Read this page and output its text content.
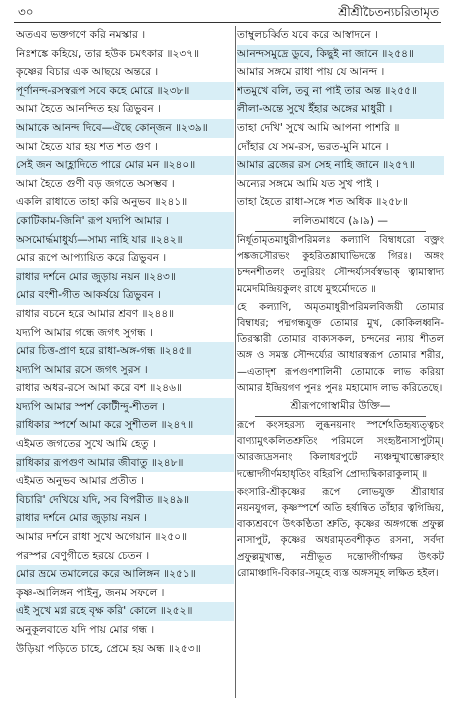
৩০	শ্রীশ্রীচৈতন্যচরিতামৃত
অতএব ভক্তগণে করি নমস্কার ।
নিঃশঙ্কে কহিয়ে, তার হউক চমৎকার ॥২৩৭॥
কৃষ্ণের বিচার এক আছয়ে অন্তরে ।
পূর্ণানন্দ-রসস্বরূপ সবে কহে মোরে ॥২৩৮॥
আমা হৈতে আনন্দিত হয় ত্রিভুবন ।
আমাকে আনন্দ দিবে—ঐছে কোন্‌জন ॥২৩৯॥
আমা হৈতে যার হয় শত শত গুণ ।
সেই জন আহ্লাদিতে পারে মোর মন ॥২৪০॥
আমা হৈতে গুণী বড় জগতে অসম্ভব ।
একলি রাধাতে তাহা করি অনুভব ॥২৪১॥
কোটিকাম-জিনি' রূপ যদ্যপি আমার ।
অসমোর্দ্ধমাধুর্য্য—সাম্য নাহি যার ॥২৪২॥
মোর রূপে আপ্যায়িত করে ত্রিভুবন ।
রাধার দর্শনে মোর জুড়ায় নয়ন ॥২৪৩॥
মোর বংশী-গীত আকর্ষয়ে ত্রিভুবন ।
রাধার বচনে হরে আমার শ্রবণ ॥২৪৪॥
যদ্যপি আমার গন্ধে জগৎ সুগন্ধ ।
মোর চিত্ত-প্রাণ হরে রাধা-অঙ্গ-গন্ধ ॥২৪৫॥
যদ্যপি আমার রসে জগৎ সুরস ।
রাধার অধর-রসে আমা করে বশ ॥২৪৬॥
যদ্যপি আমার স্পর্শ কোটীন্দু-শীতল ।
রাধিকার স্পর্শে আমা করে সুশীতল ॥২৪৭॥
এইমত জগতের সুখে আমি হেতু ।
রাধিকার রূপগুণ আমার জীবাতু ॥২৪৮॥
এইমত অনুভব আমার প্রতীত ।
বিচারি' দেখিয়ে যদি, সব বিপরীত ॥২৪৯॥
রাধার দর্শনে মোর জুড়ায় নয়ন ।
আমার দর্শনে রাধা সুখে অগেয়ান ॥২৫০॥
পরস্পর বেণুগীতে হরয়ে চেতন ।
মোর ভ্রমে তমালেরে করে আলিঙ্গন ॥২৫১॥
কৃষ্ণ-আলিঙ্গন পাইনু, জনম সফলে ।
এই সুখে মগ্ন রহে বৃক্ষ করি' কোলে ॥২৫২॥
অনুকূলবাতে যদি পায় মোর গন্ধ ।
উড়িয়া পড়িতে চাহে, প্রেমে হয় অন্ধ ॥২৫৩॥
তাম্বুলচর্ব্বিত যবে করে আস্বাদনে ।
আনন্দসমুদ্রে ডুবে, কিছুই না জানে ॥২৫৪॥
আমার সঙ্গমে রাধা পায় যে আনন্দ ।
শতমুখে বলি, তবু না পাই তার অন্ত ॥২৫৫॥
লীলা-অন্তে সুখে ইঁহার অঙ্গের মাধুরী ।
তাহা দেখি' সুখে আমি আপনা পাশরি ॥
দোঁহার যে সম-রস, ভরত-মুনি মানে ।
আমার ব্রজের রস সেহ নাহি জানে ॥২৫৭॥
অন্যের সঙ্গমে আমি যত সুখ পাই ।
তাহা হৈতে রাধা-সঙ্গে শত অধিক ॥২৫৮॥
ললিতমাধবে (৯।৯) —
নির্ধূতামৃতমাধুরীপরিমলঃ কল্যাণি বিম্বাধরো বক্ত্রং পঙ্কজসৌরভং কুহরিতশ্লাঘাভিদস্তে গিরঃ। অঙ্গং চন্দনশীতলং তনুরিয়ং সৌন্দর্য্যসর্বস্বভাক্ ত্বামাস্বাদ্য মমেদমিন্দ্রিয়কুলং রাধে মুহুর্মোদতে ॥
হে কল্যাণি, অমৃতমাধুরীপরিমলবিজয়ী তোমার বিম্বাধর; পদ্মগন্ধযুক্ত তোমার মুখ, কোকিলধ্বনি-তিরস্কারী তোমার বাক্যসকল, চন্দনের ন্যায় শীতল অঙ্গ ও সমস্ত সৌন্দর্য্যের আধারস্বরূপ তোমার শরীর,—এতাদৃশ রূপগুণশালিনী তোমাকে লাভ করিয়া আমার ইন্দ্রিয়গণ পুনঃ পুনঃ মহামোদ লাভ করিতেছে।
শ্রীরূপগোস্বামীর উক্তি—
রূপে কংসহরস্য লুব্ধনয়নাং স্পর্শেঽতিহৃষ্যত্ত্বচং বাণ্যামুৎকলিতশ্রুতিং পরিমলে সংহৃষ্টনাসাপুটাম্। আরজ্যদ্রসনাং কিলাধরপুটে ন্যঞ্চন্মুখাম্ভোরুহাং দম্ভোদ্গীর্ণমহাধৃতিং বহিরপি প্রোদ্যদ্বিকারাকুলাম্ ॥
কংসারি-শ্রীকৃষ্ণের রূপে লোভযুক্ত শ্রীরাধার নয়নযুগল, কৃষ্ণস্পর্শে অতি হর্ষান্বিত তাঁহার ত্বগিন্দ্রিয়, বাক্যশ্রবণে উৎকণ্ঠিতা শ্রুতি, কৃষ্ণের অঙ্গগন্ধে প্রফুল্ল নাসাপুট, কৃষ্ণের অধরামৃতবশীকৃত রসনা, সর্বদা প্রফুল্লমুখাম্ভ, নম্রীভূত দন্তোদ্গীর্ণাক্ষর উৎকট রোমাঞ্চাদি-বিকার-সমূহে ব্যস্ত অঙ্গসমূহ লক্ষিত হইল।
